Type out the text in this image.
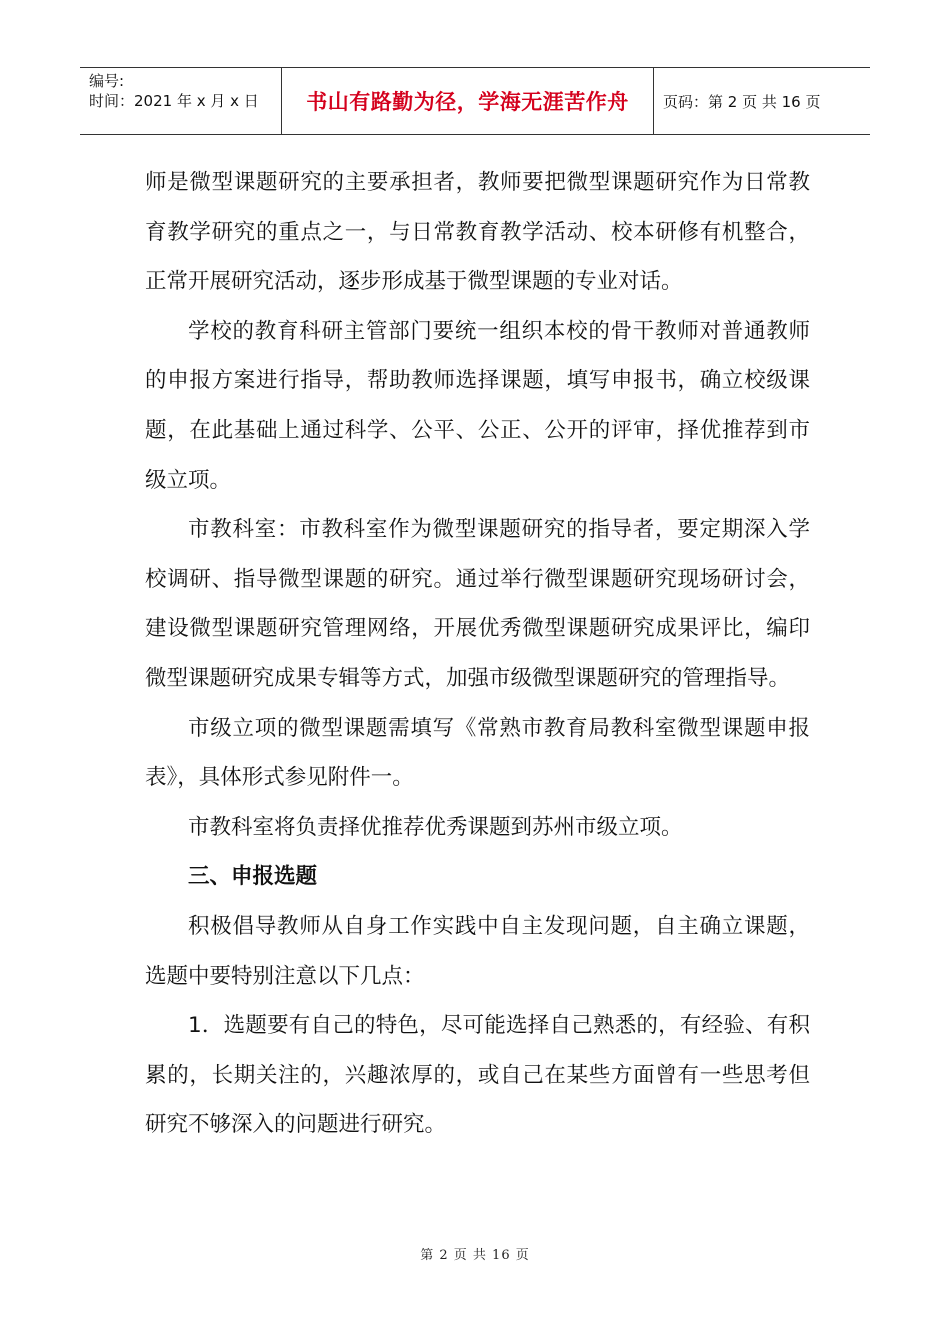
编号:
时间：2021 年 x 月 x 日	书山有路勤为径，学海无涯苦作舟	页码：第 2 页 共 16 页

师是微型课题研究的主要承担者，教师要把微型课题研究作为日常教育教学研究的重点之一，与日常教育教学活动、校本研修有机整合，正常开展研究活动，逐步形成基于微型课题的专业对话。

学校的教育科研主管部门要统一组织本校的骨干教师对普通教师的申报方案进行指导，帮助教师选择课题，填写申报书，确立校级课题，在此基础上通过科学、公平、公正、公开的评审，择优推荐到市级立项。

市教科室：市教科室作为微型课题研究的指导者，要定期深入学校调研、指导微型课题的研究。通过举行微型课题研究现场研讨会，建设微型课题研究管理网络，开展优秀微型课题研究成果评比，编印微型课题研究成果专辑等方式，加强市级微型课题研究的管理指导。

市级立项的微型课题需填写《常熟市教育局教科室微型课题申报表》，具体形式参见附件一。

市教科室将负责择优推荐优秀课题到苏州市级立项。

三、申报选题

积极倡导教师从自身工作实践中自主发现问题，自主确立课题，选题中要特别注意以下几点：

1．选题要有自己的特色，尽可能选择自己熟悉的，有经验、有积累的，长期关注的，兴趣浓厚的，或自己在某些方面曾有一些思考但研究不够深入的问题进行研究。

第 2 页 共 16 页
